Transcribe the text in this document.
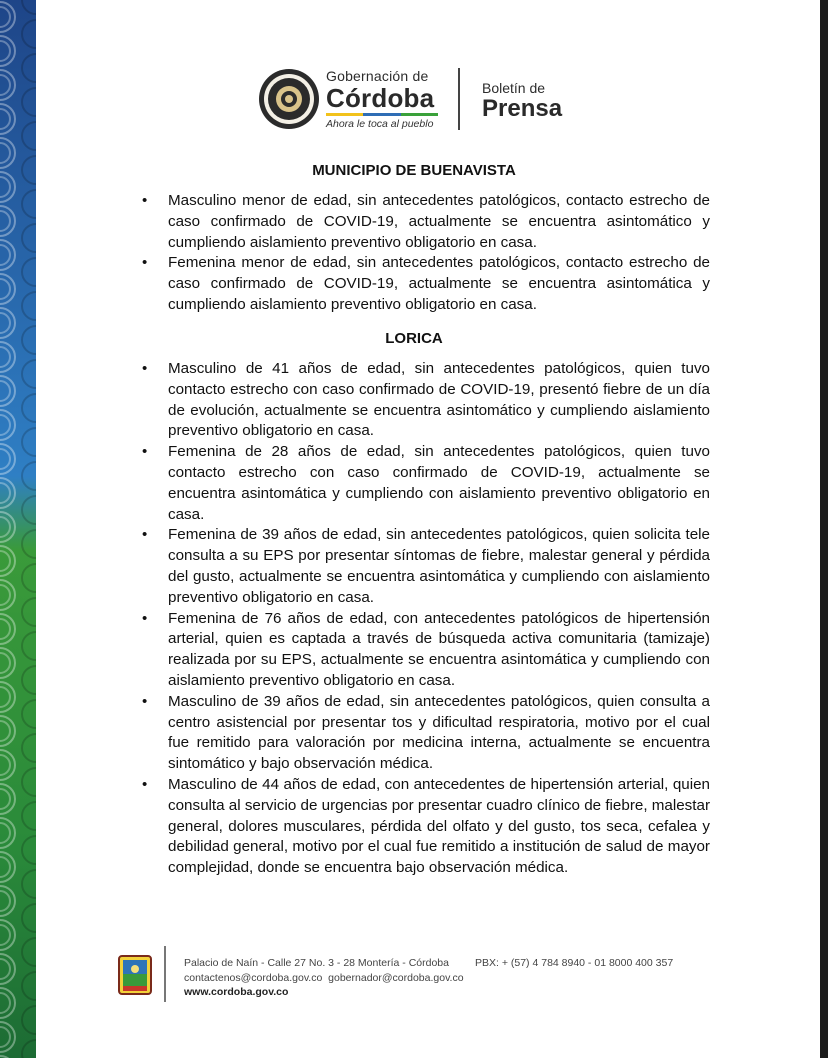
Gobernación de
Córdoba
Ahora le toca al pueblo
Boletín de
Prensa
MUNICIPIO DE BUENAVISTA
• Masculino menor de edad, sin antecedentes patológicos, contacto estrecho de caso confirmado de COVID-19, actualmente se encuentra asintomático y cumpliendo aislamiento preventivo obligatorio en casa.
• Femenina menor de edad, sin antecedentes patológicos, contacto estrecho de caso confirmado de COVID-19, actualmente se encuentra asintomática y cumpliendo aislamiento preventivo obligatorio en casa.
LORICA
• Masculino de 41 años de edad, sin antecedentes patológicos, quien tuvo contacto estrecho con caso confirmado de COVID-19, presentó fiebre de un día de evolución, actualmente se encuentra asintomático y cumpliendo aislamiento preventivo obligatorio en casa.
• Femenina de 28 años de edad, sin antecedentes patológicos, quien tuvo contacto estrecho con caso confirmado de COVID-19, actualmente se encuentra asintomática y cumpliendo con aislamiento preventivo obligatorio en casa.
• Femenina de 39 años de edad, sin antecedentes patológicos, quien solicita tele consulta a su EPS por presentar síntomas de fiebre, malestar general y pérdida del gusto, actualmente se encuentra asintomática y cumpliendo con aislamiento preventivo obligatorio en casa.
• Femenina de 76 años de edad, con antecedentes patológicos de hipertensión arterial, quien es captada a través de búsqueda activa comunitaria (tamizaje) realizada por su EPS, actualmente se encuentra asintomática y cumpliendo con aislamiento preventivo obligatorio en casa.
• Masculino de 39 años de edad, sin antecedentes patológicos, quien consulta a centro asistencial por presentar tos y dificultad respiratoria, motivo por el cual fue remitido para valoración por medicina interna, actualmente se encuentra sintomático y bajo observación médica.
• Masculino de 44 años de edad, con antecedentes de hipertensión arterial, quien consulta al servicio de urgencias por presentar cuadro clínico de fiebre, malestar general, dolores musculares, pérdida del olfato y del gusto, tos seca, cefalea y debilidad general, motivo por el cual fue remitido a institución de salud de mayor complejidad, donde se encuentra bajo observación médica.
Palacio de Naín - Calle 27 No. 3 - 28 Montería - Córdoba PBX: + (57) 4 784 8940 - 01 8000 400 357
contactenos@cordoba.gov.co gobernador@cordoba.gov.co
www.cordoba.gov.co
